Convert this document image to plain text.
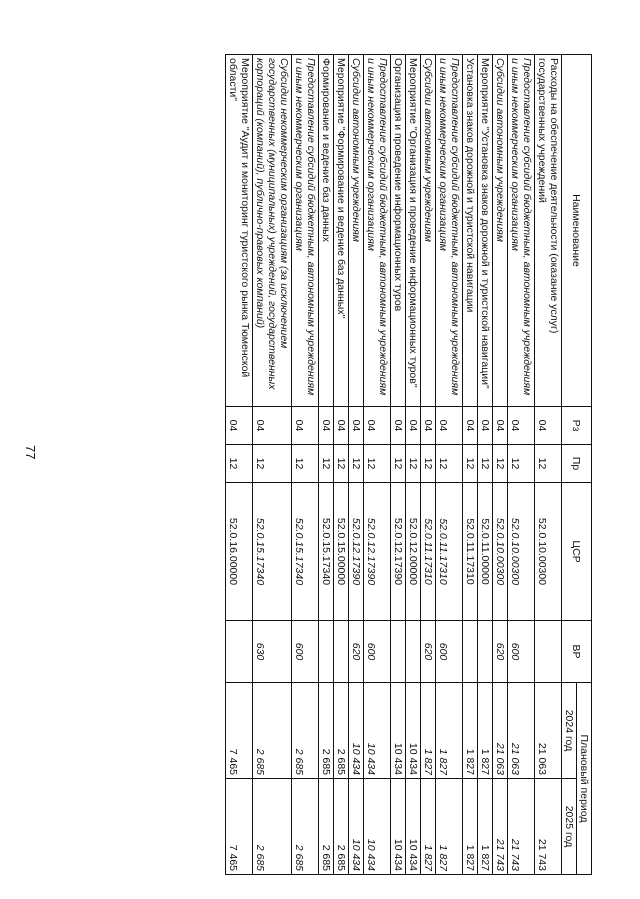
77
Наименование	Рз	Пр	ЦСР	ВР	Плановый период	
					2024 год	2025 год
Расходы на обеспечение деятельности (оказание услуг) государственных учреждений	04	12	52.0.10.00300		21 063	21 743
Предоставление субсидий бюджетным, автономным учреждениям и иным некоммерческим организациям	04	12	52.0.10.00300	600	21 063	21 743
Субсидии автономным учреждениям	04	12	52.0.10.00300	620	21 063	21 743
Мероприятие "Установка знаков дорожной и туристской навигации"	04	12	52.0.11.00000		1 827	1 827
Установка знаков дорожной и туристской навигации	04	12	52.0.11.17310		1 827	1 827
Предоставление субсидий бюджетным, автономным учреждениям и иным некоммерческим организациям	04	12	52.0.11.17310	600	1 827	1 827
Субсидии автономным учреждениям	04	12	52.0.11.17310	620	1 827	1 827
Мероприятие "Организация и проведение информационных туров"	04	12	52.0.12.00000		10 434	10 434
Организация и проведение информационных туров	04	12	52.0.12.17390		10 434	10 434
Предоставление субсидий бюджетным, автономным учреждениям и иным некоммерческим организациям	04	12	52.0.12.17390	600	10 434	10 434
Субсидии автономным учреждениям	04	12	52.0.12.17390	620	10 434	10 434
Мероприятие "Формирование и ведение баз данных"	04	12	52.0.15.00000		2 685	2 685
Формирование и ведение баз данных	04	12	52.0.15.17340		2 685	2 685
Предоставление субсидий бюджетным, автономным учреждениям и иным некоммерческим организациям	04	12	52.0.15.17340	600	2 685	2 685
Субсидии некоммерческим организациям (за исключением государственных (муниципальных) учреждений, государственных корпораций (компаний), публично-правовых компаний)	04	12	52.0.15.17340	630	2 685	2 685
Мероприятие "Аудит и мониторинг туристского рынка Тюменской области"	04	12	52.0.16.00000		7 465	7 465
